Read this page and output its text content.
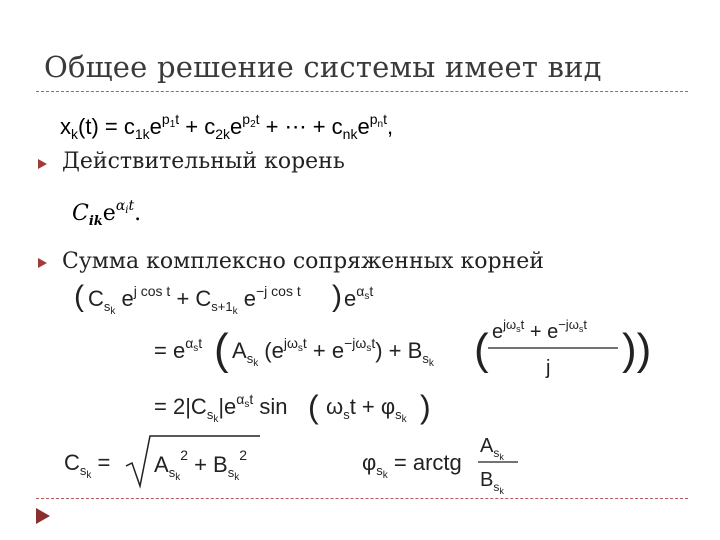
Общее решение системы имеет вид
$x_k(t) = c_{1k}e^p1t + c_{2k}e^p2t$ + ⋯ + $c_{nk}e^pnt$,
Действительный корень
$C_{ik}e^\alpha it$.
Сумма комплексно сопряженных корней
( $C_sk$ $e^{j cos t} + C_{s+1}k$ $e^{-j cos t}$ ) $e^\alpha st$
= $e^\alpha st$ ( $A_sk$ $(e^{j\omega}st + e^{-j\omega}st) + B_sk$ ( $e^{j\omega}st + e^{-j\omega}st$
j ))
= $2|C_sk|e^\alpha st$ sin ( $\omega_st + \varphi_sk$ )
$C_sk = A_sk^2 + B_sk^2$	$\varphi_sk$ = arctg
$A_sk$
$B_sk$
